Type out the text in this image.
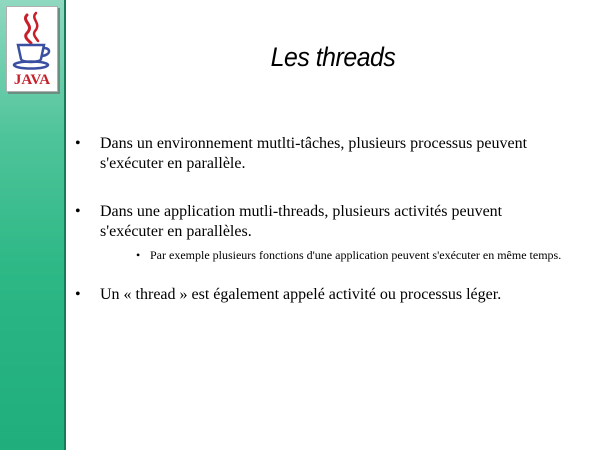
JAVA
Les threads
• Dans un environnement mutlti-tâches, plusieurs processus peuvent s'exécuter en parallèle.
• Dans une application mutli-threads, plusieurs activités peuvent s'exécuter en parallèles.
• Par exemple plusieurs fonctions d'une application peuvent s'exécuter en même temps.
• Un « thread » est également appelé activité ou processus léger.
